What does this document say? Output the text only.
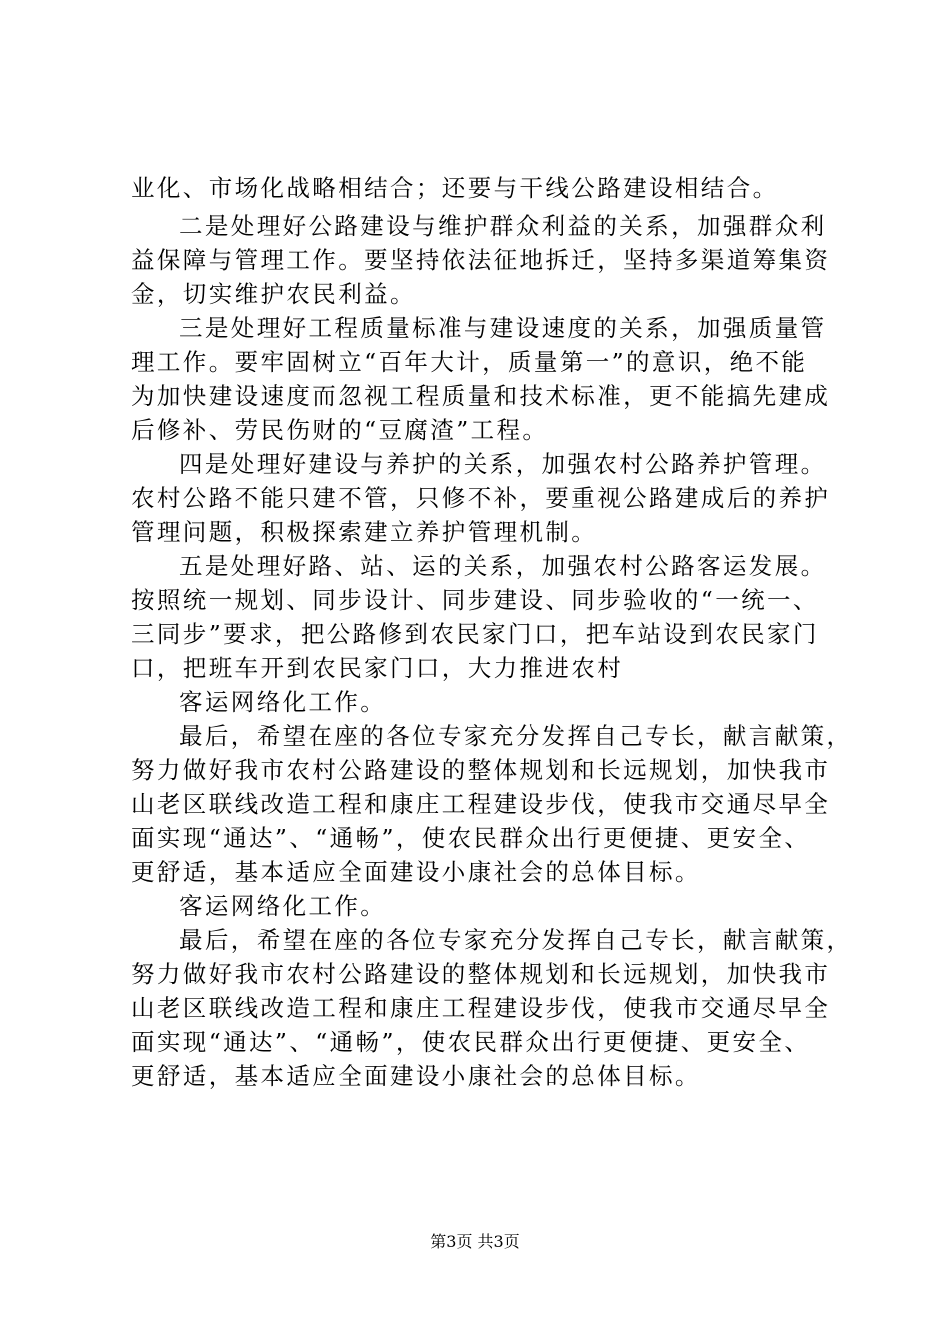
业化、市场化战略相结合；还要与干线公路建设相结合。
二是处理好公路建设与维护群众利益的关系，加强群众利
益保障与管理工作。要坚持依法征地拆迁，坚持多渠道筹集资
金，切实维护农民利益。
三是处理好工程质量标准与建设速度的关系，加强质量管
理工作。要牢固树立“百年大计，质量第一”的意识，绝不能
为加快建设速度而忽视工程质量和技术标准，更不能搞先建成
后修补、劳民伤财的“豆腐渣”工程。
四是处理好建设与养护的关系，加强农村公路养护管理。
农村公路不能只建不管，只修不补，要重视公路建成后的养护
管理问题，积极探索建立养护管理机制。
五是处理好路、站、运的关系，加强农村公路客运发展。
按照统一规划、同步设计、同步建设、同步验收的“一统一、
三同步”要求，把公路修到农民家门口，把车站设到农民家门
口，把班车开到农民家门口，大力推进农村
客运网络化工作。
最后，希望在座的各位专家充分发挥自己专长，献言献策，
努力做好我市农村公路建设的整体规划和长远规划，加快我市
山老区联线改造工程和康庄工程建设步伐，使我市交通尽早全
面实现“通达”、“通畅”，使农民群众出行更便捷、更安全、
更舒适，基本适应全面建设小康社会的总体目标。
客运网络化工作。
最后，希望在座的各位专家充分发挥自己专长，献言献策，
努力做好我市农村公路建设的整体规划和长远规划，加快我市
山老区联线改造工程和康庄工程建设步伐，使我市交通尽早全
面实现“通达”、“通畅”，使农民群众出行更便捷、更安全、
更舒适，基本适应全面建设小康社会的总体目标。
第3页 共3页
